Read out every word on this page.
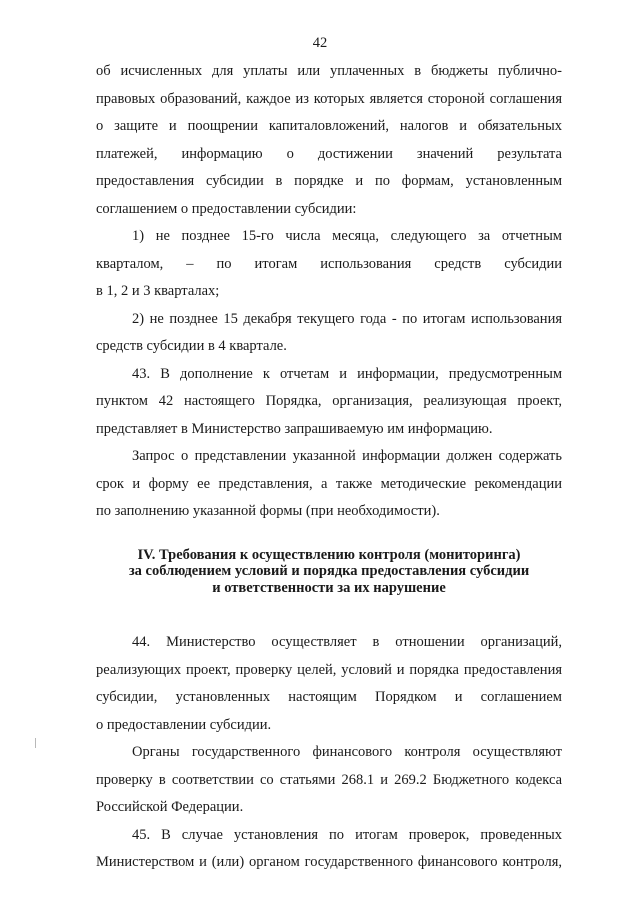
42
об исчисленных для уплаты или уплаченных в бюджеты публично-
правовых образований, каждое из которых является стороной соглашения
о защите и поощрении капиталовложений, налогов и обязательных
платежей, информацию о достижении значений результата
предоставления субсидии в порядке и по формам, установленным
соглашением о предоставлении субсидии:
1) не позднее 15-го числа месяца, следующего за отчетным
кварталом, – по итогам использования средств субсидии
в 1, 2 и 3 кварталах;
2) не позднее 15 декабря текущего года - по итогам использования
средств субсидии в 4 квартале.
43. В дополнение к отчетам и информации, предусмотренным
пунктом 42 настоящего Порядка, организация, реализующая проект,
представляет в Министерство запрашиваемую им информацию.
Запрос о представлении указанной информации должен содержать
срок и форму ее представления, а также методические рекомендации
по заполнению указанной формы (при необходимости).
IV. Требования к осуществлению контроля (мониторинга)
за соблюдением условий и порядка предоставления субсидии
и ответственности за их нарушение
44. Министерство осуществляет в отношении организаций,
реализующих проект, проверку целей, условий и порядка предоставления
субсидии, установленных настоящим Порядком и соглашением
о предоставлении субсидии.
Органы государственного финансового контроля осуществляют
проверку в соответствии со статьями 268.1 и 269.2 Бюджетного кодекса
Российской Федерации.
45. В случае установления по итогам проверок, проведенных
Министерством и (или) органом государственного финансового контроля,
